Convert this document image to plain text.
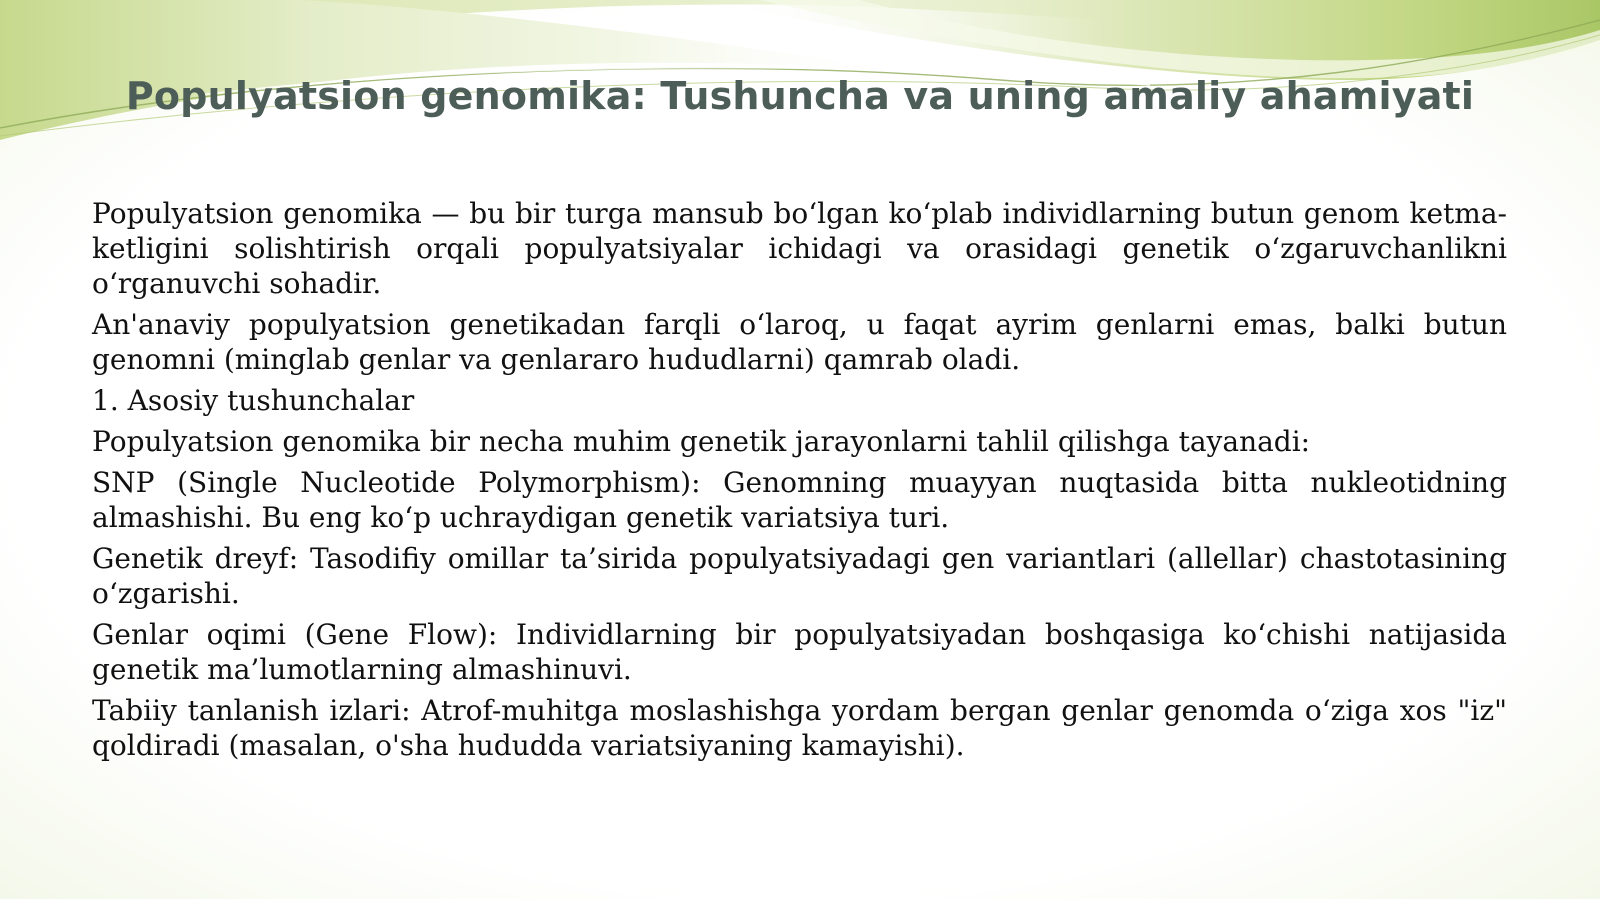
Populyatsion genomika: Tushuncha va uning amaliy ahamiyati

Populyatsion genomika — bu bir turga mansub bo‘lgan ko‘plab individlarning butun genom ketma-ketligini solishtirish orqali populyatsiyalar ichidagi va orasidagi genetik o‘zgaruvchanlikni o‘rganuvchi sohadir.

An'anaviy populyatsion genetikadan farqli o‘laroq, u faqat ayrim genlarni emas, balki butun genomni (minglab genlar va genlararo hududlarni) qamrab oladi.

1. Asosiy tushunchalar

Populyatsion genomika bir necha muhim genetik jarayonlarni tahlil qilishga tayanadi:

SNP (Single Nucleotide Polymorphism): Genomning muayyan nuqtasida bitta nukleotidning almashishi. Bu eng ko‘p uchraydigan genetik variatsiya turi.

Genetik dreyf: Tasodifiy omillar ta’sirida populyatsiyadagi gen variantlari (allellar) chastotasining o‘zgarishi.

Genlar oqimi (Gene Flow): Individlarning bir populyatsiyadan boshqasiga ko‘chishi natijasida genetik ma’lumotlarning almashinuvi.

Tabiiy tanlanish izlari: Atrof-muhitga moslashishga yordam bergan genlar genomda o‘ziga xos "iz" qoldiradi (masalan, o'sha hududda variatsiyaning kamayishi).
